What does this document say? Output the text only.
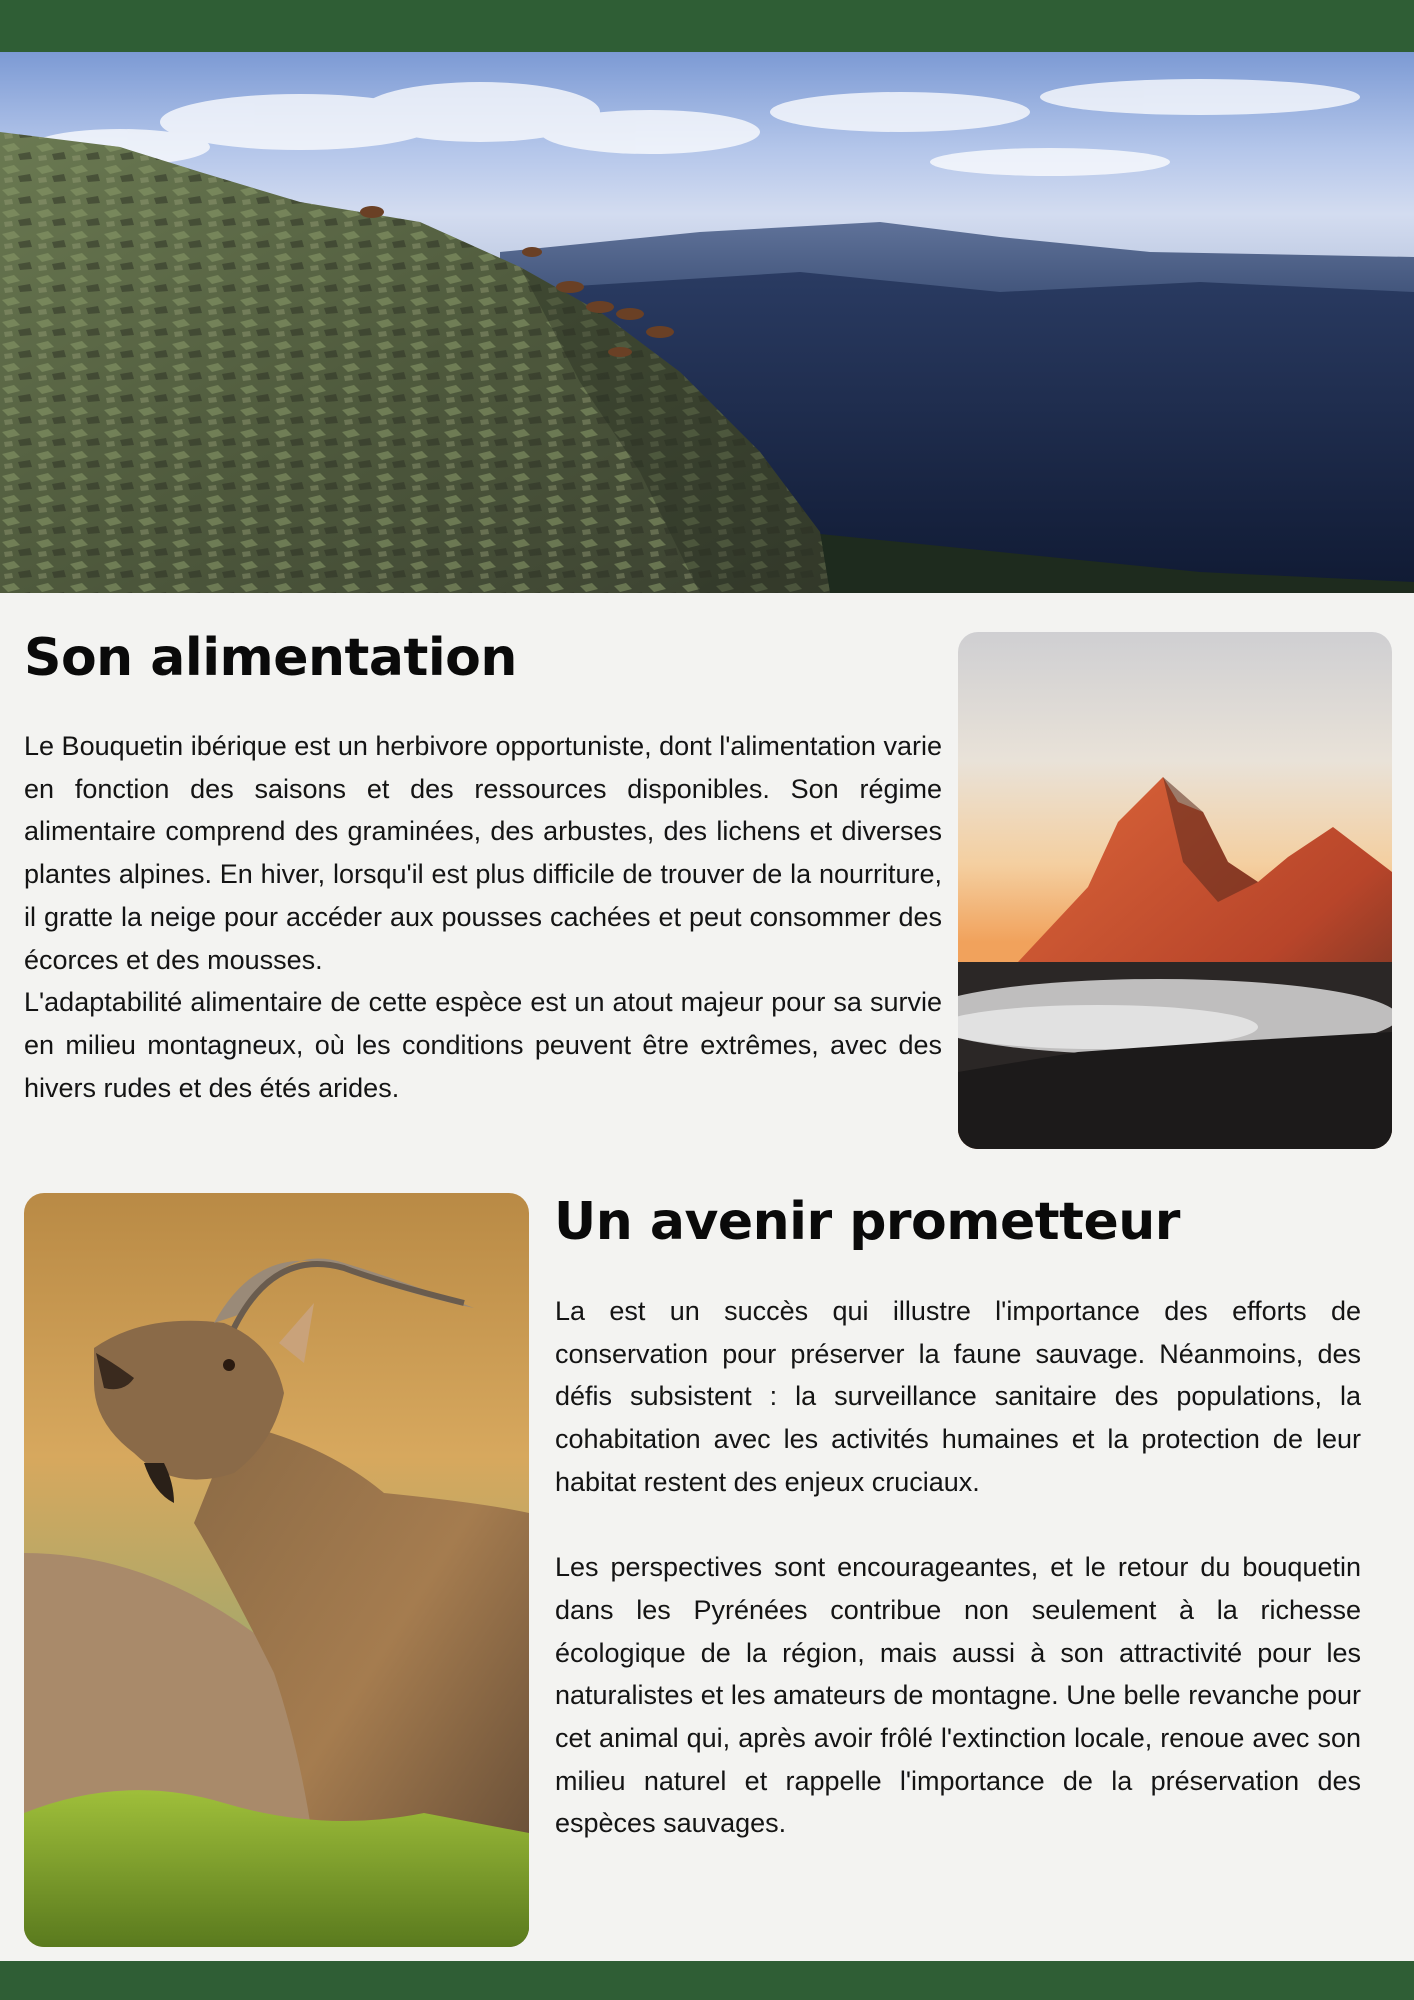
Son alimentation
Le Bouquetin ibérique est un herbivore opportuniste, dont l'alimentation varie en fonction des saisons et des ressources disponibles. Son régime alimentaire comprend des graminées, des arbustes, des lichens et diverses plantes alpines. En hiver, lorsqu'il est plus difficile de trouver de la nourriture, il gratte la neige pour accéder aux pousses cachées et peut consommer des écorces et des mousses.
L'adaptabilité alimentaire de cette espèce est un atout majeur pour sa survie en milieu montagneux, où les conditions peuvent être extrêmes, avec des hivers rudes et des étés arides.
Un avenir prometteur
La est un succès qui illustre l'importance des efforts de conservation pour préserver la faune sauvage. Néanmoins, des défis subsistent : la surveillance sanitaire des populations, la cohabitation avec les activités humaines et la protection de leur habitat restent des enjeux cruciaux.
Les perspectives sont encourageantes, et le retour du bouquetin dans les Pyrénées contribue non seulement à la richesse écologique de la région, mais aussi à son attractivité pour les naturalistes et les amateurs de montagne. Une belle revanche pour cet animal qui, après avoir frôlé l'extinction locale, renoue avec son milieu naturel et rappelle l'importance de la préservation des espèces sauvages.
